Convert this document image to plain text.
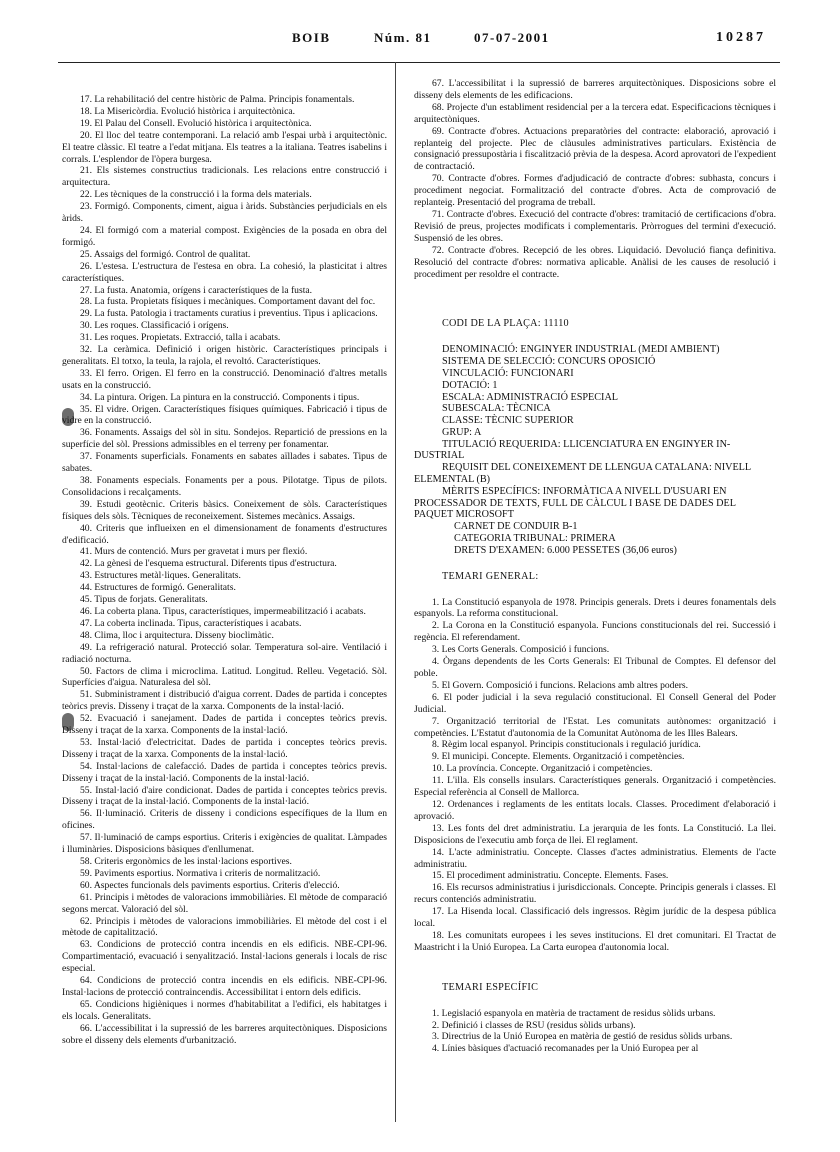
BOIB	Núm. 81	07-07-2001	10287

17. La rehabilitació del centre històric de Palma. Principis fonamentals.

18. La Misericòrdia. Evolució històrica i arquitectònica.

19. El Palau del Consell. Evolució històrica i arquitectònica.

20. El lloc del teatre contemporani. La relació amb l'espai urbà i arquitectònic. El teatre clàssic. El teatre a l'edat mitjana. Els teatres a la italiana. Teatres isabelins i corrals. L'esplendor de l'òpera burgesa.

21. Els sistemes constructius tradicionals. Les relacions entre construcció i arquitectura.

22. Les tècniques de la construcció i la forma dels materials.

23. Formigó. Components, ciment, aigua i àrids. Substàncies perjudicials en els àrids.

24. El formigó com a material compost. Exigències de la posada en obra del formigó.

25. Assaigs del formigó. Control de qualitat.

26. L'estesa. L'estructura de l'estesa en obra. La cohesió, la plasticitat i altres característiques.

27. La fusta. Anatomia, orígens i característiques de la fusta.

28. La fusta. Propietats físiques i mecàniques. Comportament davant del foc.

29. La fusta. Patologia i tractaments curatius i preventius. Tipus i aplicacions.

30. Les roques. Classificació i orígens.

31. Les roques. Propietats. Extracció, talla i acabats.

32. La ceràmica. Definició i origen històric. Característiques principals i generalitats. El totxo, la teula, la rajola, el revoltó. Característiques.

33. El ferro. Origen. El ferro en la construcció. Denominació d'altres metalls usats en la construcció.

34. La pintura. Origen. La pintura en la construcció. Components i tipus.

35. El vidre. Origen. Característiques físiques químiques. Fabricació i tipus de vidre en la construcció.

36. Fonaments. Assaigs del sòl in situ. Sondejos. Repartició de pressions en la superfície del sòl. Pressions admissibles en el terreny per fonamentar.

37. Fonaments superficials. Fonaments en sabates aïllades i sabates. Tipus de sabates.

38. Fonaments especials. Fonaments per a pous. Pilotatge. Tipus de pilots. Consolidacions i recalçaments.

39. Estudi geotècnic. Criteris bàsics. Coneixement de sòls. Característiques físiques dels sòls. Tècniques de reconeixement. Sistemes mecànics. Assaigs.

40. Criteris que influeixen en el dimensionament de fonaments d'estructures d'edificació.

41. Murs de contenció. Murs per gravetat i murs per flexió.

42. La gènesi de l'esquema estructural. Diferents tipus d'estructura.

43. Estructures metàl·liques. Generalitats.

44. Estructures de formigó. Generalitats.

45. Tipus de forjats. Generalitats.

46. La coberta plana. Tipus, característiques, impermeabilització i acabats.

47. La coberta inclinada. Tipus, característiques i acabats.

48. Clima, lloc i arquitectura. Disseny bioclimàtic.

49. La refrigeració natural. Protecció solar. Temperatura sol-aire. Ventilació i radiació nocturna.

50. Factors de clima i microclima. Latitud. Longitud. Relleu. Vegetació. Sòl. Superfícies d'aigua. Naturalesa del sòl.

51. Subministrament i distribució d'aigua corrent. Dades de partida i conceptes teòrics previs. Disseny i traçat de la xarxa. Components de la instal·lació.

52. Evacuació i sanejament. Dades de partida i conceptes teòrics previs. Disseny i traçat de la xarxa. Components de la instal·lació.

53. Instal·lació d'electricitat. Dades de partida i conceptes teòrics previs. Disseny i traçat de la xarxa. Components de la instal·lació.

54. Instal·lacions de calefacció. Dades de partida i conceptes teòrics previs. Disseny i traçat de la instal·lació. Components de la instal·lació.

55. Instal·lació d'aire condicionat. Dades de partida i conceptes teòrics previs. Disseny i traçat de la instal·lació. Components de la instal·lació.

56. Il·luminació. Criteris de disseny i condicions específiques de la llum en oficines.

57. Il·luminació de camps esportius. Criteris i exigències de qualitat. Làmpades i lluminàries. Disposicions bàsiques d'enllumenat.

58. Criteris ergonòmics de les instal·lacions esportives.

59. Paviments esportius. Normativa i criteris de normalització.

60. Aspectes funcionals dels paviments esportius. Criteris d'elecció.

61. Principis i mètodes de valoracions immobiliàries. El mètode de comparació segons mercat. Valoració del sòl.

62. Principis i mètodes de valoracions immobiliàries. El mètode del cost i el mètode de capitalització.

63. Condicions de protecció contra incendis en els edificis. NBE-CPI-96. Compartimentació, evacuació i senyalització. Instal·lacions generals i locals de risc especial.

64. Condicions de protecció contra incendis en els edificis. NBE-CPI-96. Instal·lacions de protecció contraincendis. Accessibilitat i entorn dels edificis.

65. Condicions higièniques i normes d'habitabilitat a l'edifici, els habitatges i els locals. Generalitats.

66. L'accessibilitat i la supressió de les barreres arquitectòniques. Disposicions sobre el disseny dels elements d'urbanització.

67. L'accessibilitat i la supressió de barreres arquitectòniques. Disposicions sobre el disseny dels elements de les edificacions.

68. Projecte d'un establiment residencial per a la tercera edat. Especificacions tècniques i arquitectòniques.

69. Contracte d'obres. Actuacions preparatòries del contracte: elaboració, aprovació i replanteig del projecte. Plec de clàusules administratives particulars. Existència de consignació pressupostària i fiscalització prèvia de la despesa. Acord aprovatori de l'expedient de contractació.

70. Contracte d'obres. Formes d'adjudicació de contracte d'obres: subhasta, concurs i procediment negociat. Formalització del contracte d'obres. Acta de comprovació de replanteig. Presentació del programa de treball.

71. Contracte d'obres. Execució del contracte d'obres: tramitació de certificacions d'obra. Revisió de preus, projectes modificats i complementaris. Pròrrogues del termini d'execució. Suspensió de les obres.

72. Contracte d'obres. Recepció de les obres. Liquidació. Devolució fiança definitiva. Resolució del contracte d'obres: normativa aplicable. Anàlisi de les causes de resolució i procediment per resoldre el contracte.

CODI DE LA PLAÇA: 11110

DENOMINACIÓ: ENGINYER INDUSTRIAL (MEDI AMBIENT)

SISTEMA DE SELECCIÓ: CONCURS OPOSICIÓ

VINCULACIÓ: FUNCIONARI

DOTACIÓ: 1

ESCALA: ADMINISTRACIÓ ESPECIAL

SUBESCALA: TÈCNICA

CLASSE: TÈCNIC SUPERIOR

GRUP: A

TITULACIÓ REQUERIDA: LLICENCIATURA EN ENGINYER IN-

DUSTRIAL

REQUISIT DEL CONEIXEMENT DE LLENGUA CATALANA: NIVELL

ELEMENTAL (B)

MÈRITS ESPECÍFICS: INFORMÀTICA A NIVELL D'USUARI EN

PROCESSADOR DE TEXTS, FULL DE CÀLCUL I BASE DE DADES DEL

PAQUET MICROSOFT

CARNET DE CONDUIR B-1

CATEGORIA TRIBUNAL: PRIMERA

DRETS D'EXAMEN: 6.000 PESSETES (36,06 euros)

TEMARI GENERAL:

1. La Constitució espanyola de 1978. Principis generals. Drets i deures fonamentals dels espanyols. La reforma constitucional.

2. La Corona en la Constitució espanyola. Funcions constitucionals del rei. Successió i regència. El referendament.

3. Les Corts Generals. Composició i funcions.

4. Òrgans dependents de les Corts Generals: El Tribunal de Comptes. El defensor del poble.

5. El Govern. Composició i funcions. Relacions amb altres poders.

6. El poder judicial i la seva regulació constitucional. El Consell General del Poder Judicial.

7. Organització territorial de l'Estat. Les comunitats autònomes: organització i competències. L'Estatut d'autonomia de la Comunitat Autònoma de les Illes Balears.

8. Règim local espanyol. Principis constitucionals i regulació jurídica.

9. El municipi. Concepte. Elements. Organització i competències.

10. La província. Concepte. Organització i competències.

11. L'illa. Els consells insulars. Característiques generals. Organització i competències. Especial referència al Consell de Mallorca.

12. Ordenances i reglaments de les entitats locals. Classes. Procediment d'elaboració i aprovació.

13. Les fonts del dret administratiu. La jerarquia de les fonts. La Constitució. La llei. Disposicions de l'executiu amb força de llei. El reglament.

14. L'acte administratiu. Concepte. Classes d'actes administratius. Elements de l'acte administratiu.

15. El procediment administratiu. Concepte. Elements. Fases.

16. Els recursos administratius i jurisdiccionals. Concepte. Principis generals i classes. El recurs contenciós administratiu.

17. La Hisenda local. Classificació dels ingressos. Règim jurídic de la despesa pública local.

18. Les comunitats europees i les seves institucions. El dret comunitari. El Tractat de Maastricht i la Unió Europea. La Carta europea d'autonomia local.

TEMARI ESPECÍFIC

1. Legislació espanyola en matèria de tractament de residus sòlids urbans.

2. Definició i classes de RSU (residus sòlids urbans).

3. Directrius de la Unió Europea en matèria de gestió de residus sòlids urbans.

4. Línies bàsiques d'actuació recomanades per la Unió Europea per al
